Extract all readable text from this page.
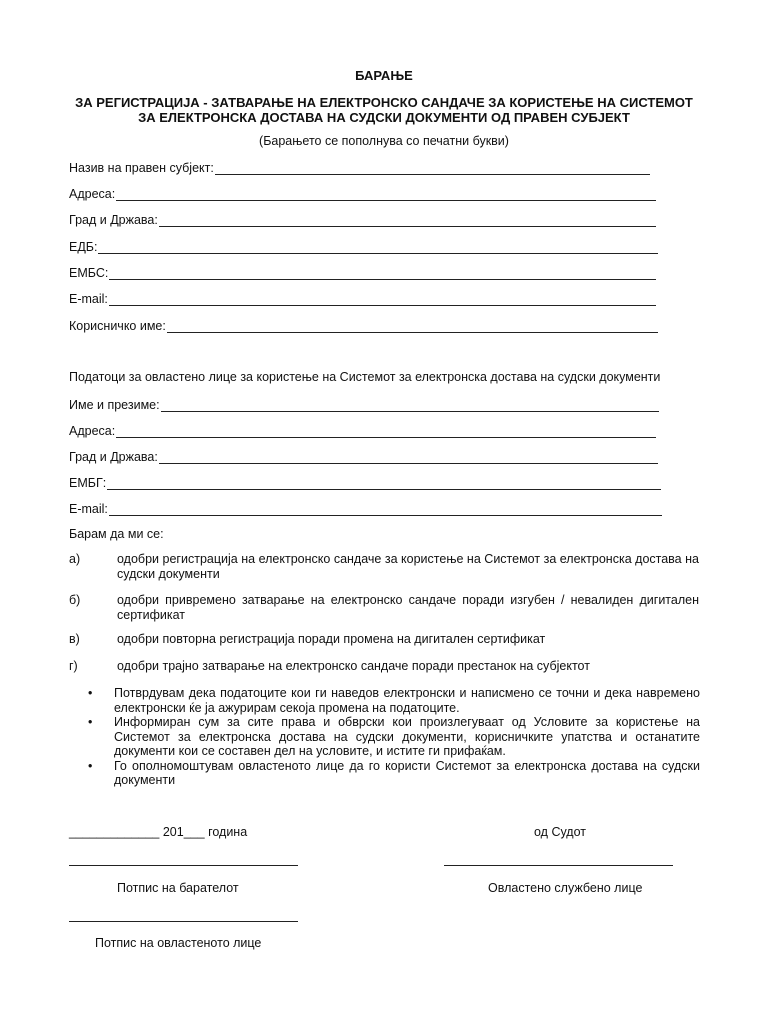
БАРАЊЕ
ЗА РЕГИСТРАЦИЈА - ЗАТВАРАЊЕ НА ЕЛЕКТРОНСКО САНДАЧЕ ЗА КОРИСТЕЊЕ НА СИСТЕМОТ
ЗА ЕЛЕКТРОНСКА ДОСТАВА НА СУДСКИ ДОКУМЕНТИ ОД ПРАВЕН СУБЈЕКТ
(Барањето се пополнува со печатни букви)
Назив на правен субјект:
Адреса:
Град и Држава:
ЕДБ:
ЕМБС:
E-mail:
Корисничко име:
Податоци за овластено лице за користење на Системот за електронска достава на судски документи
Име и презиме:
Адреса:
Град и Држава:
ЕМБГ:
E-mail:
Барам да ми се:
а)	одобри регистрација на електронско сандаче за користење на Системот за електронска достава на судски документи
б)	одобри привремено затварање на електронско сандаче поради изгубен / невалиден дигитален сертификат
в)	одобри повторна регистрација поради промена на дигитален сертификат
г)	одобри трајно затварање на електронско сандаче поради престанок на субјектот
• Потврдувам дека податоците кои ги наведов електронски и написмено се точни и дека навремено електронски ќе ја ажурирам секоја промена на податоците.
• Информиран сум за сите права и обврски кои произлегуваат од Условите за користење на Системот за електронска достава на судски документи, корисничките упатства и останатите документи кои се составен дел на условите, и истите ги прифаќам.
• Го ополномоштувам овластеното лице да го користи Системот за електронска достава на судски документи
_____________ 201___ година	од Судот
Потпис на барателот	Овластено службено лице
Потпис на овластеното лице
